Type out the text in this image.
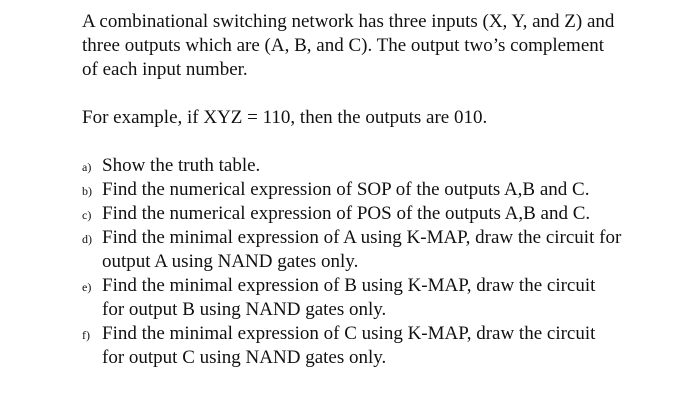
A combinational switching network has three inputs (X, Y, and Z) and three outputs which are (A, B, and C). The output two’s complement of each input number.

For example, if XYZ = 110, then the outputs are 010.

a) Show the truth table.
b) Find the numerical expression of SOP of the outputs A,B and C.
c) Find the numerical expression of POS of the outputs A,B and C.
d) Find the minimal expression of A using K-MAP, draw the circuit for output A using NAND gates only.
e) Find the minimal expression of B using K-MAP, draw the circuit for output B using NAND gates only.
f) Find the minimal expression of C using K-MAP, draw the circuit for output C using NAND gates only.
